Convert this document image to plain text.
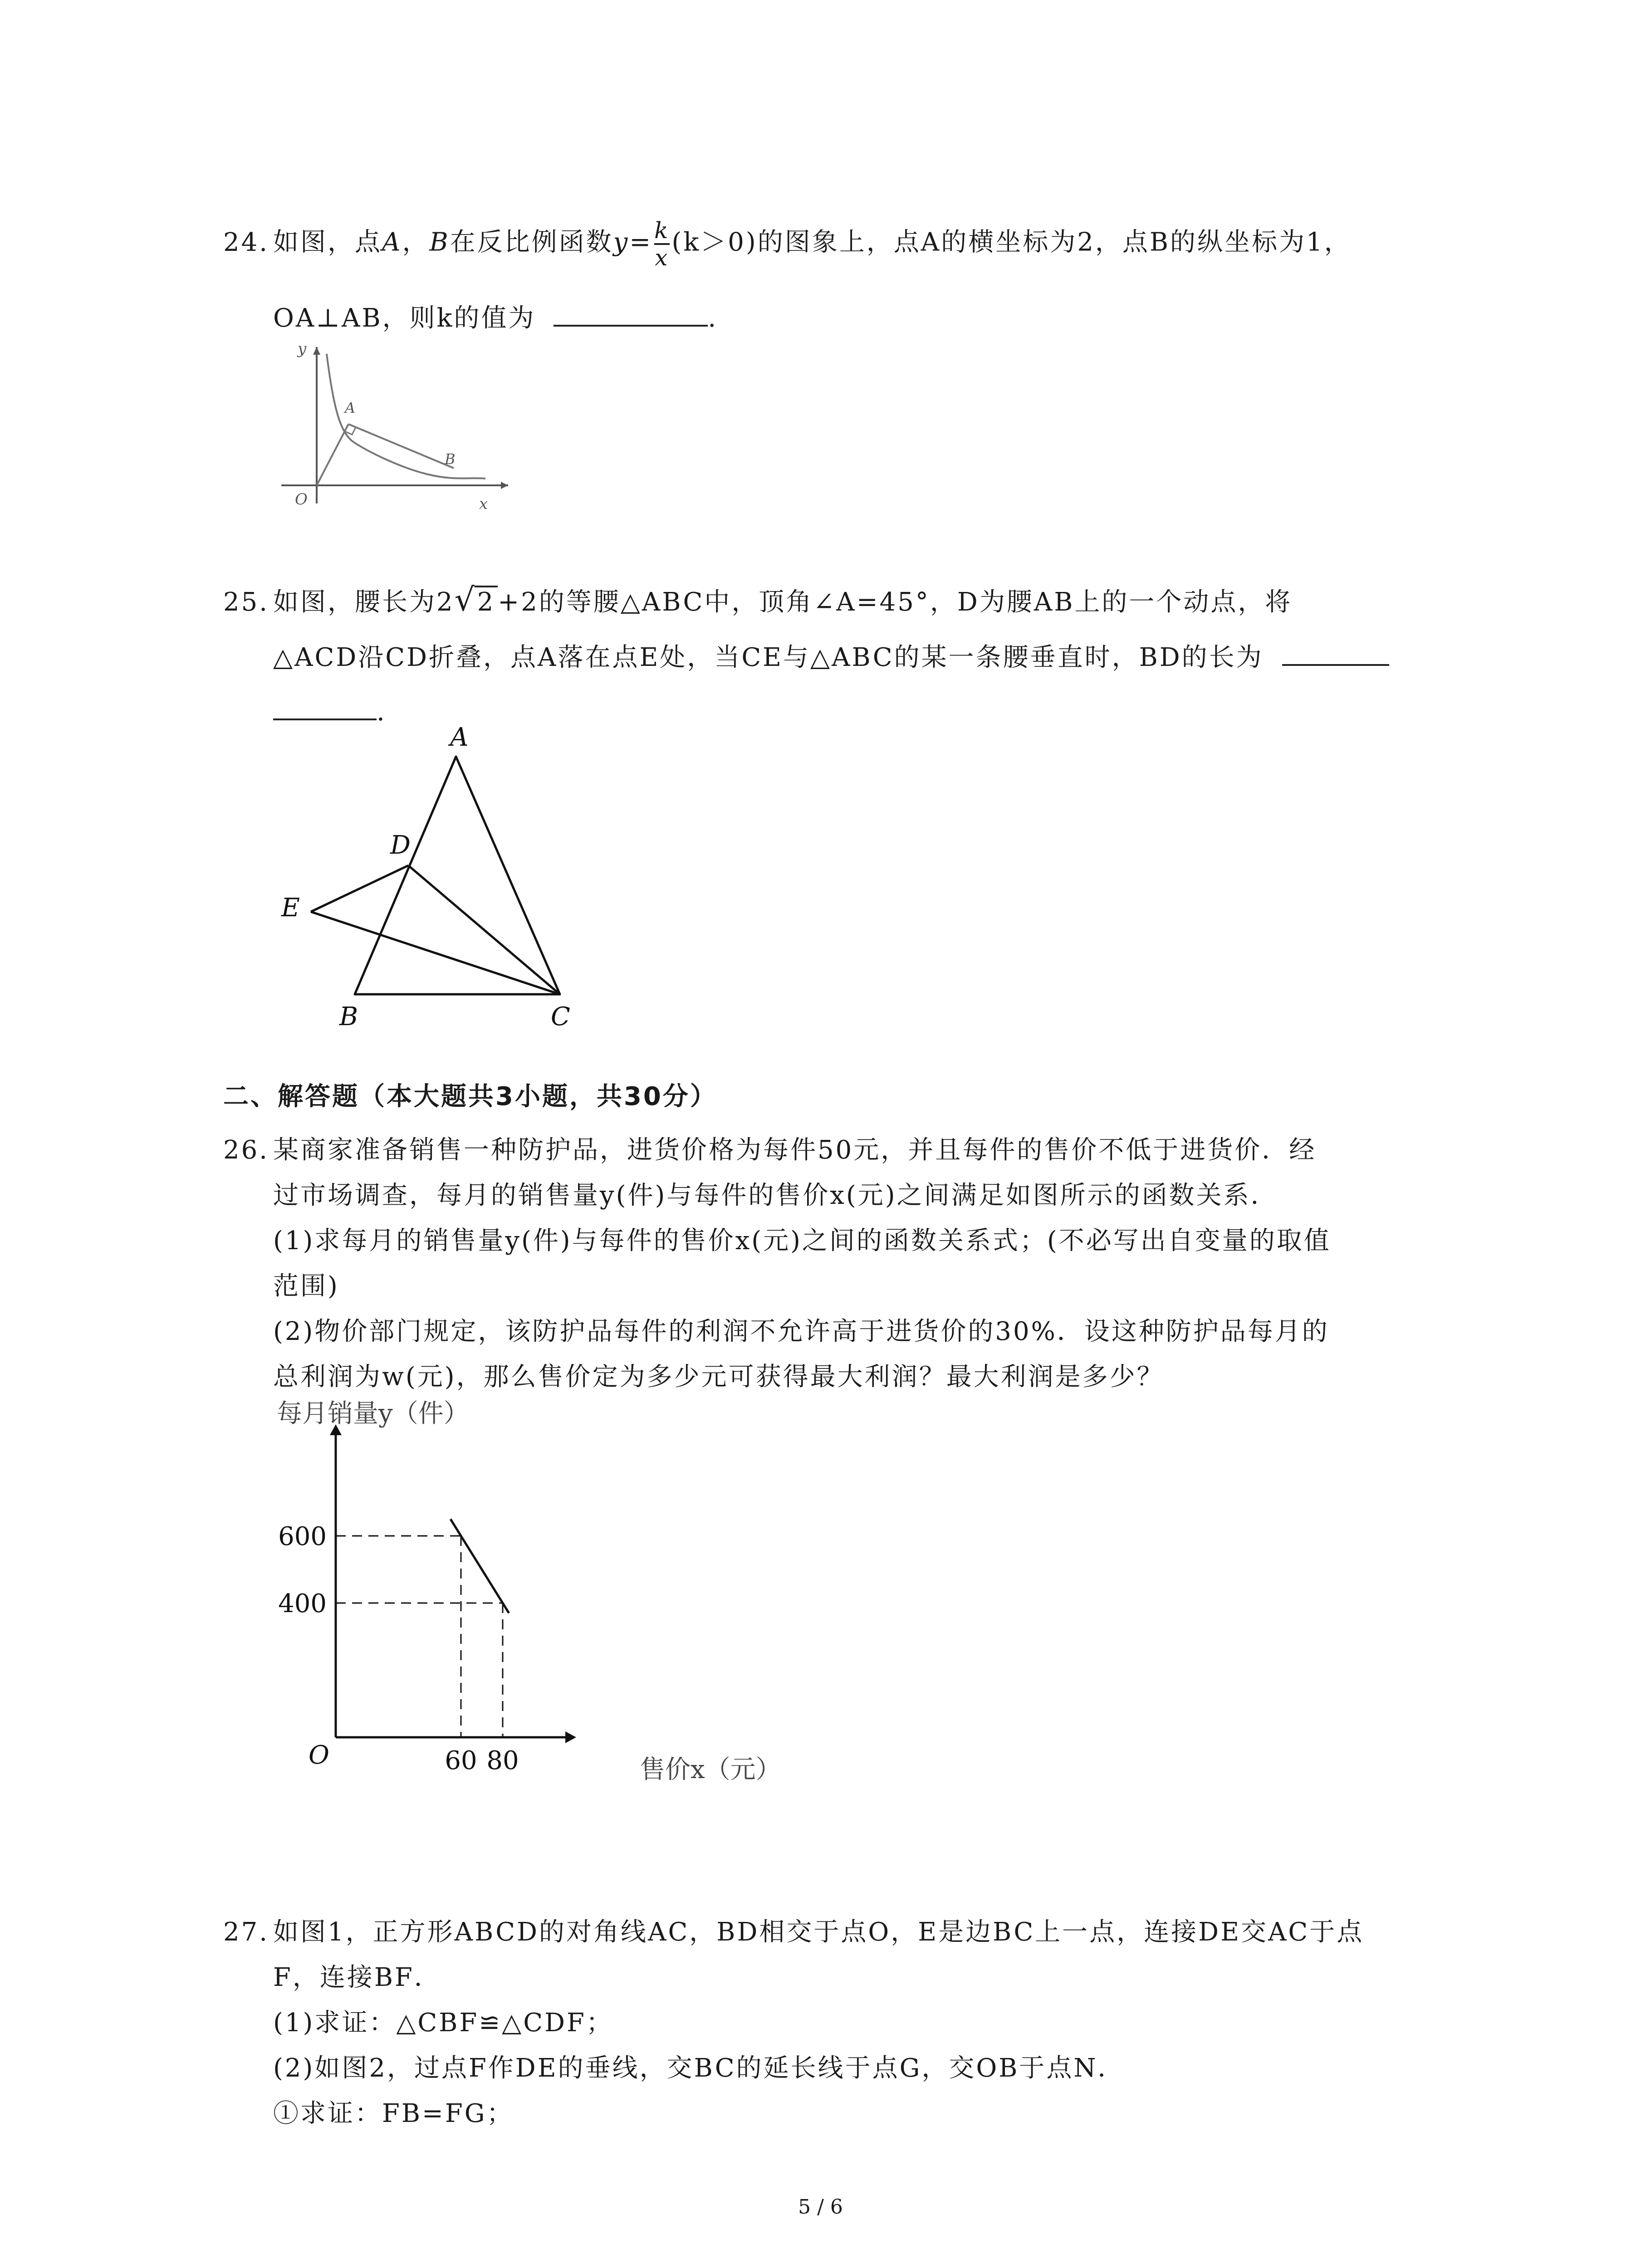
24. 如图，点A，B在反比例函数$y= \frac{k}{x} (k>0)$的图象上，点A的横坐标为2，点B的纵坐标为1，
OA⊥AB，则k的值为	.
y
x
O
A
B
25. 如图，腰长为2√ 2 +2的等腰△ABC中，顶角∠A=45°，D为腰AB上的一个动点，将
△ACD沿CD折叠，点A落在点E处，当CE与△ABC的某一条腰垂直时，BD的长为
.
A
D
E
B	C
二、解答题（本大题共3小题，共30分）
26. 某商家准备销售一种防护品，进货价格为每件50元，并且每件的售价不低于进货价．经
过市场调查，每月的销售量y(件)与每件的售价x(元)之间满足如图所示的函数关系．
(1)求每月的销售量y(件)与每件的售价x(元)之间的函数关系式；(不必写出自变量的取值
范围)
(2)物价部门规定，该防护品每件的利润不允许高于进货价的30%．设这种防护品每月的
总利润为w(元)，那么售价定为多少元可获得最大利润？最大利润是多少？
60 80
600
400
O
每月销量y（件）
售价x（元）
27. 如图1，正方形ABCD的对角线AC，BD相交于点O，E是边BC上一点，连接DE交AC于点
F，连接BF．
(1)求证：△CBF≌△CDF；
(2)如图2，过点F作DE的垂线，交BC的延长线于点G，交OB于点N．
①求证：FB=FG；
5 / 6
